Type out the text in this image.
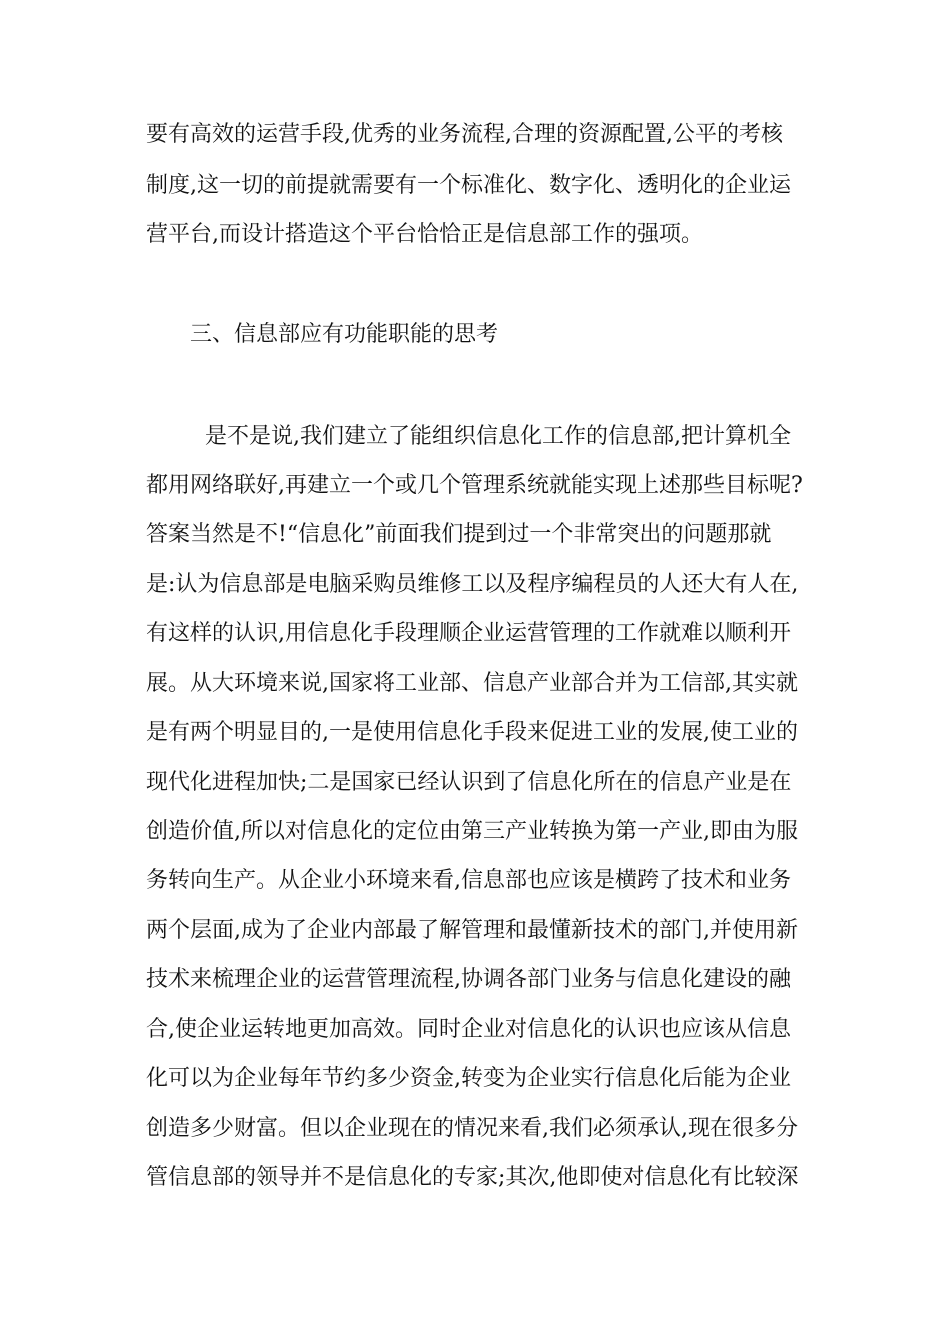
要有高效的运营手段,优秀的业务流程,合理的资源配置,公平的考核
制度,这一切的前提就需要有一个标准化、数字化、透明化的企业运
营平台,而设计搭造这个平台恰恰正是信息部工作的强项。
三、信息部应有功能职能的思考
是不是说,我们建立了能组织信息化工作的信息部,把计算机全
都用网络联好,再建立一个或几个管理系统就能实现上述那些目标呢?
答案当然是不!“信息化”前面我们提到过一个非常突出的问题那就
是:认为信息部是电脑采购员维修工以及程序编程员的人还大有人在,
有这样的认识,用信息化手段理顺企业运营管理的工作就难以顺利开
展。从大环境来说,国家将工业部、信息产业部合并为工信部,其实就
是有两个明显目的,一是使用信息化手段来促进工业的发展,使工业的
现代化进程加快;二是国家已经认识到了信息化所在的信息产业是在
创造价值,所以对信息化的定位由第三产业转换为第一产业,即由为服
务转向生产。从企业小环境来看,信息部也应该是横跨了技术和业务
两个层面,成为了企业内部最了解管理和最懂新技术的部门,并使用新
技术来梳理企业的运营管理流程,协调各部门业务与信息化建设的融
合,使企业运转地更加高效。同时企业对信息化的认识也应该从信息
化可以为企业每年节约多少资金,转变为企业实行信息化后能为企业
创造多少财富。但以企业现在的情况来看,我们必须承认,现在很多分
管信息部的领导并不是信息化的专家;其次,他即使对信息化有比较深
